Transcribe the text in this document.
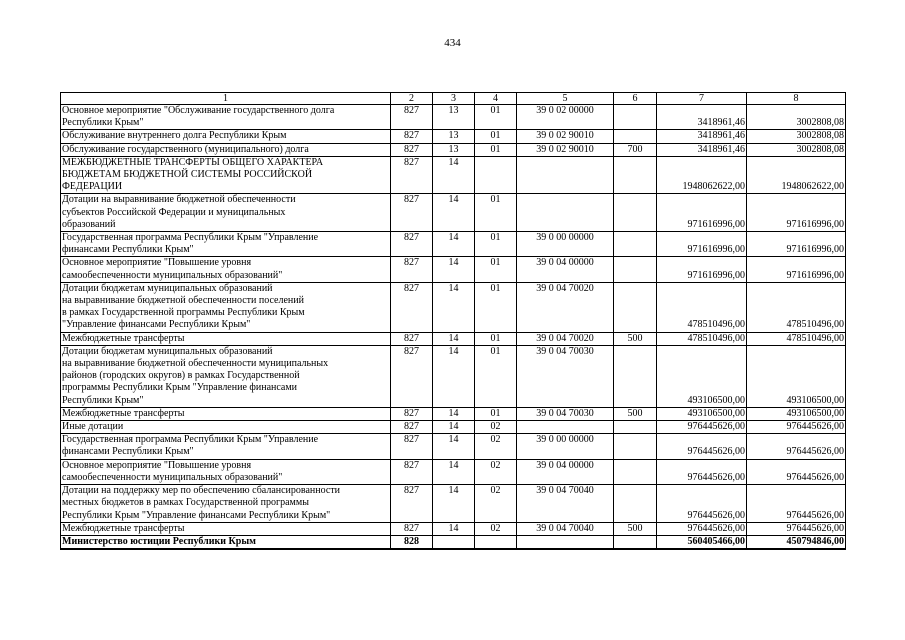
434
1	2	3	4	5	6	7	8
Основное мероприятие "Обслуживание государственного долга
Республики Крым"	827	13	01	39 0 02 00000		3418961,46	3002808,08
Обслуживание внутреннего долга Республики Крым	827	13	01	39 0 02 90010		3418961,46	3002808,08
Обслуживание государственного (муниципального) долга	827	13	01	39 0 02 90010	700	3418961,46	3002808,08
МЕЖБЮДЖЕТНЫЕ ТРАНСФЕРТЫ ОБЩЕГО ХАРАКТЕРА
БЮДЖЕТАМ БЮДЖЕТНОЙ СИСТЕМЫ РОССИЙСКОЙ
ФЕДЕРАЦИИ	827	14				1948062622,00	1948062622,00
Дотации на выравнивание бюджетной обеспеченности
субъектов Российской Федерации и муниципальных
образований	827	14	01			971616996,00	971616996,00
Государственная программа Республики Крым "Управление
финансами Республики Крым"	827	14	01	39 0 00 00000		971616996,00	971616996,00
Основное мероприятие "Повышение уровня
самообеспеченности муниципальных образований"	827	14	01	39 0 04 00000		971616996,00	971616996,00
Дотации бюджетам муниципальных образований
на выравнивание бюджетной обеспеченности поселений
в рамках Государственной программы Республики Крым
"Управление финансами Республики Крым"	827	14	01	39 0 04 70020		478510496,00	478510496,00
Межбюджетные трансферты	827	14	01	39 0 04 70020	500	478510496,00	478510496,00
Дотации бюджетам муниципальных образований
на выравнивание бюджетной обеспеченности муниципальных
районов (городских округов) в рамках Государственной
программы Республики Крым "Управление финансами
Республики Крым"	827	14	01	39 0 04 70030		493106500,00	493106500,00
Межбюджетные трансферты	827	14	01	39 0 04 70030	500	493106500,00	493106500,00
Иные дотации	827	14	02			976445626,00	976445626,00
Государственная программа Республики Крым "Управление
финансами Республики Крым"	827	14	02	39 0 00 00000		976445626,00	976445626,00
Основное мероприятие "Повышение уровня
самообеспеченности муниципальных образований"	827	14	02	39 0 04 00000		976445626,00	976445626,00
Дотации на поддержку мер по обеспечению сбалансированности
местных бюджетов в рамках Государственной программы
Республики Крым "Управление финансами Республики Крым"	827	14	02	39 0 04 70040		976445626,00	976445626,00
Межбюджетные трансферты	827	14	02	39 0 04 70040	500	976445626,00	976445626,00
Министерство юстиции Республики Крым	828					560405466,00	450794846,00
